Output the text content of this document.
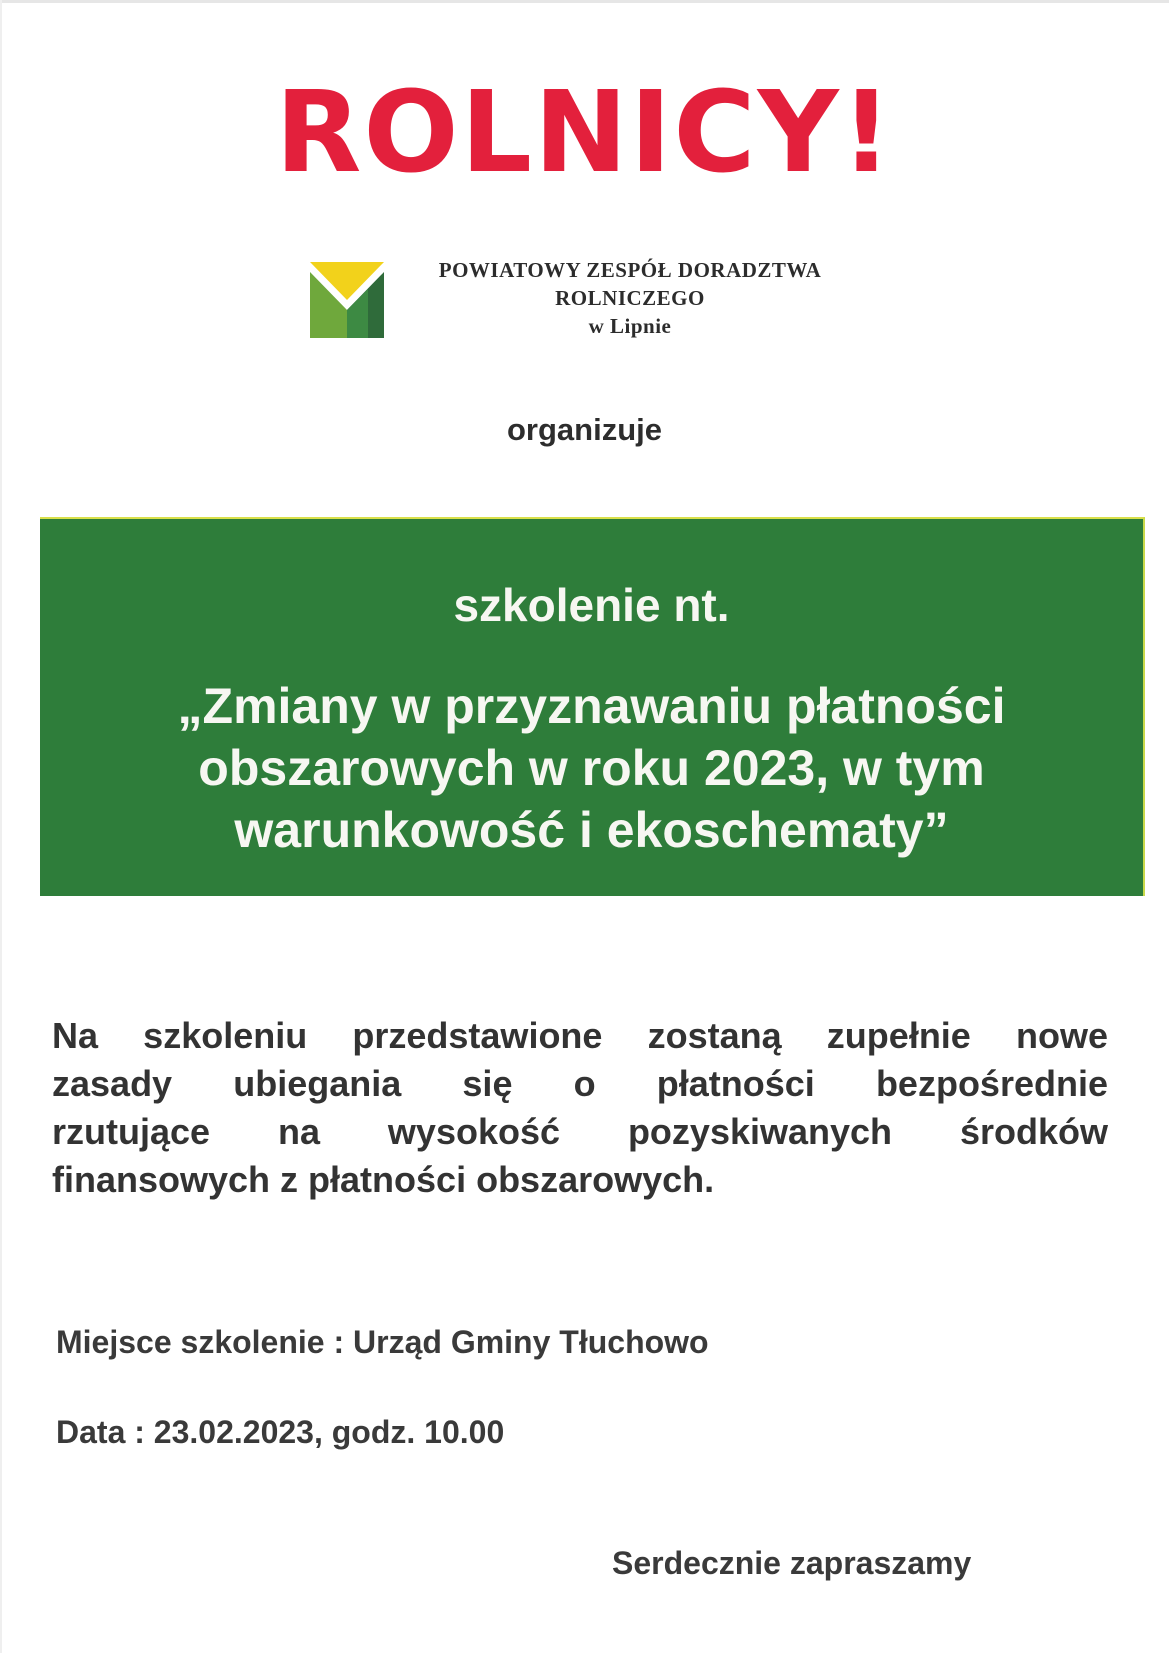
ROLNICY!
POWIATOWY ZESPÓŁ DORADZTWA
ROLNICZEGO
w Lipnie
organizuje
szkolenie nt.
„Zmiany w przyznawaniu płatności
obszarowych w roku 2023, w tym
warunkowość i ekoschematy”
Na szkoleniu przedstawione zostaną zupełnie nowe
zasady ubiegania się o płatności bezpośrednie
rzutujące na wysokość pozyskiwanych środków
finansowych z płatności obszarowych.
Miejsce szkolenie : Urząd Gminy Tłuchowo
Data : 23.02.2023, godz. 10.00
Serdecznie zapraszamy
